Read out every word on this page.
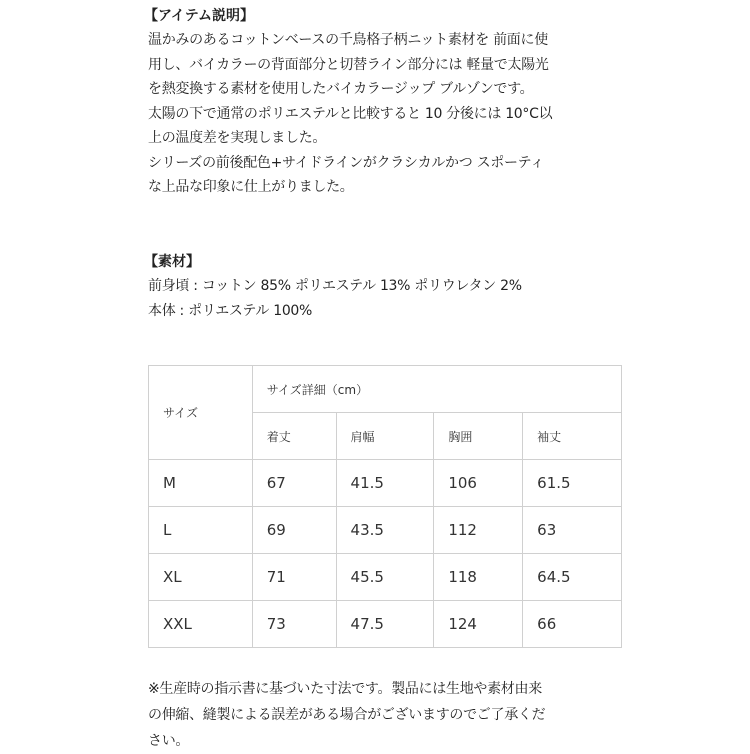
【アイテム説明】
温かみのあるコットンベースの千鳥格子柄ニット素材を 前面に使
用し、バイカラーの背面部分と切替ライン部分には 軽量で太陽光
を熱変換する素材を使用したバイカラージップ ブルゾンです。
太陽の下で通常のポリエステルと比較すると 10 分後には 10°C以
上の温度差を実現しました。
シリーズの前後配色+サイドラインがクラシカルかつ スポーティ
な上品な印象に仕上がりました。
【素材】
前身頃 : コットン 85% ポリエステル 13% ポリウレタン 2%
本体 : ポリエステル 100%
サイズ	サイズ詳細（cm）			
	着丈	肩幅	胸囲	袖丈
M	67	41.5	106	61.5
L	69	43.5	112	63
XL	71	45.5	118	64.5
XXL	73	47.5	124	66
※生産時の指示書に基づいた寸法です。製品には生地や素材由来
の伸縮、縫製による誤差がある場合がございますのでご了承くだ
さい。
